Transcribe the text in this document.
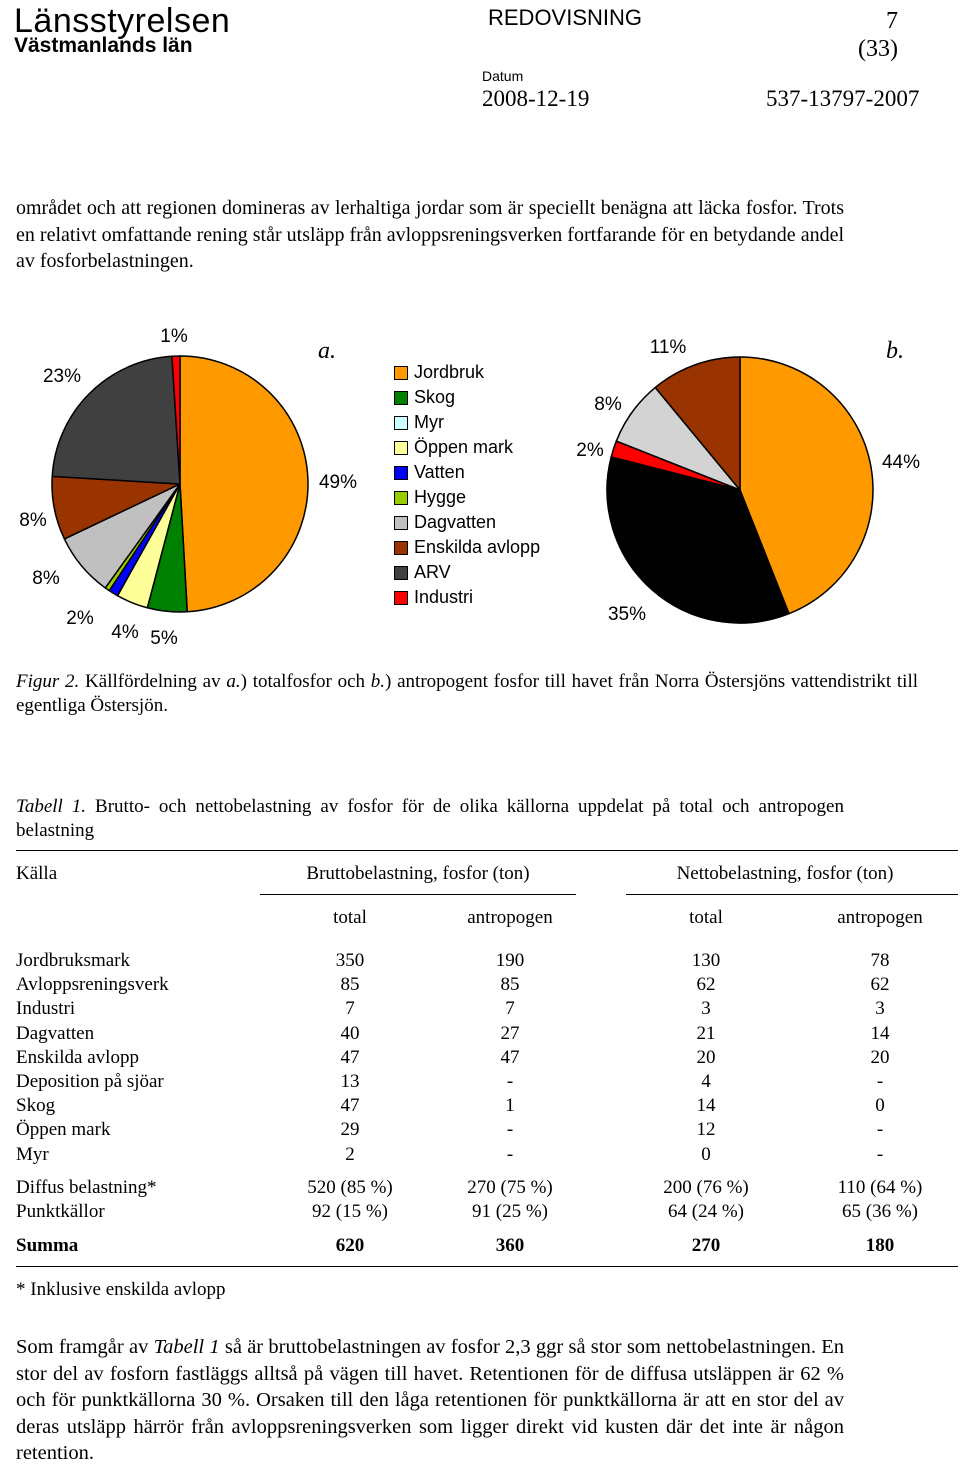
Länsstyrelsen
Västmanlands län
REDOVISNING	7
(33)
Datum
2008-12-19	537-13797-2007
området och att regionen domineras av lerhaltiga jordar som är speciellt benägna att läcka fosfor. Trots en relativt omfattande rening står utsläpp från avloppsreningsverken fortfarande för en betydande andel av fosforbelastningen.
49%
5%
4%
2%
8%
8%
23%
1%
44%
35%
2%
8%
11%
a.	b.
Jordbruk
Skog
Myr
Öppen mark
Vatten
Hygge
Dagvatten
Enskilda avlopp
ARV
Industri
Figur 2. Källfördelning av a.) totalfosfor och b.) antropogent fosfor till havet från Norra Östersjöns vattendistrikt till egentliga Östersjön.
Tabell 1. Brutto- och nettobelastning av fosfor för de olika källorna uppdelat på total och antropogen belastning
Källa	Bruttobelastning, fosfor (ton)	Nettobelastning, fosfor (ton)
total	antropogen	total	antropogen
Jordbruksmark	350	190	130	78
Avloppsreningsverk	85	85	62	62
Industri	7	7	3	3
Dagvatten	40	27	21	14
Enskilda avlopp	47	47	20	20
Deposition på sjöar	13	-	4	-
Skog	47	1	14	0
Öppen mark	29	-	12	-
Myr	2	-	0	-
Diffus belastning*	520 (85 %)	270 (75 %)	200 (76 %)	110 (64 %)
Punktkällor	92 (15 %)	91 (25 %)	64 (24 %)	65 (36 %)
Summa	620	360	270	180
* Inklusive enskilda avlopp
Som framgår av Tabell 1 så är bruttobelastningen av fosfor 2,3 ggr så stor som nettobelastningen. En stor del av fosforn fastläggs alltså på vägen till havet. Retentionen för de diffusa utsläppen är 62 % och för punktkällorna 30 %. Orsaken till den låga retentionen för punktkällorna är att en stor del av deras utsläpp härrör från avloppsreningsverken som ligger direkt vid kusten där det inte är någon retention.
